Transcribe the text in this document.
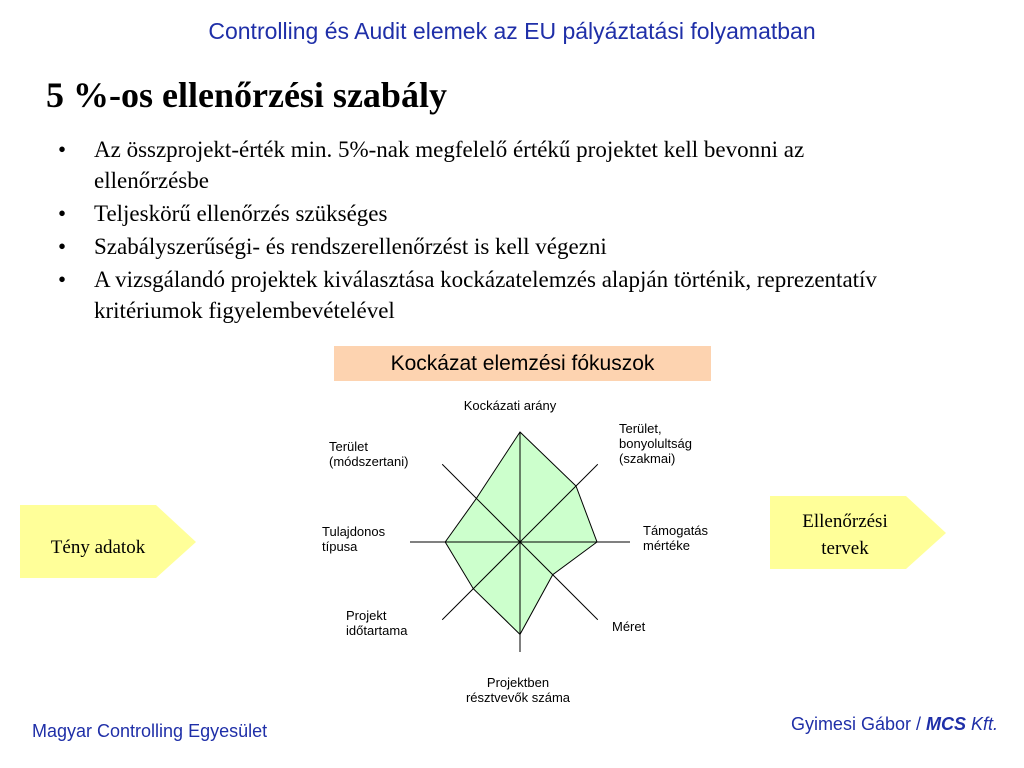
Controlling és Audit elemek az EU pályáztatási folyamatban
5 %-os ellenőrzési szabály
• Az összprojekt-érték min. 5%-nak megfelelő értékű projektet kell bevonni az
ellenőrzésbe
• Teljeskörű ellenőrzés szükséges
• Szabályszerűségi- és rendszerellenőrzést is kell végezni
• A vizsgálandó projektek kiválasztása kockázatelemzés alapján történik, reprezentatív
kritériumok figyelembevételével
Kockázat elemzési fókuszok
Tény adatok
Ellenőrzési
tervek
Kockázati arány
Terület,
bonyolultság
(szakmai)
Támogatás
mértéke
Méret
Projektben
résztvevők száma
Projekt
időtartama
Tulajdonos
típusa
Terület
(módszertani)
Magyar Controlling Egyesület	Gyimesi Gábor / MCS Kft.
